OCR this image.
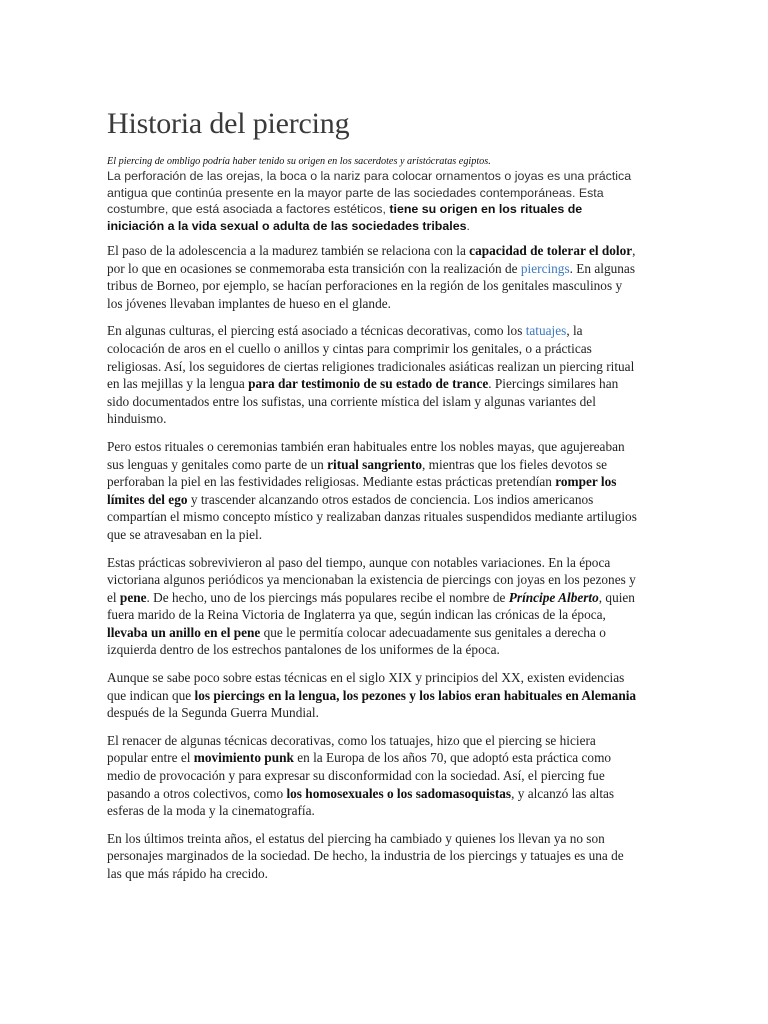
Historia del piercing

El piercing de ombligo podría haber tenido su origen en los sacerdotes y aristócratas egiptos.

La perforación de las orejas, la boca o la nariz para colocar ornamentos o joyas es una práctica antigua que continúa presente en la mayor parte de las sociedades contemporáneas. Esta costumbre, que está asociada a factores estéticos, tiene su origen en los rituales de iniciación a la vida sexual o adulta de las sociedades tribales.

El paso de la adolescencia a la madurez también se relaciona con la capacidad de tolerar el dolor, por lo que en ocasiones se conmemoraba esta transición con la realización de piercings. En algunas tribus de Borneo, por ejemplo, se hacían perforaciones en la región de los genitales masculinos y los jóvenes llevaban implantes de hueso en el glande.

En algunas culturas, el piercing está asociado a técnicas decorativas, como los tatuajes, la colocación de aros en el cuello o anillos y cintas para comprimir los genitales, o a prácticas religiosas. Así, los seguidores de ciertas religiones tradicionales asiáticas realizan un piercing ritual en las mejillas y la lengua para dar testimonio de su estado de trance. Piercings similares han sido documentados entre los sufistas, una corriente mística del islam y algunas variantes del hinduismo.

Pero estos rituales o ceremonias también eran habituales entre los nobles mayas, que agujereaban sus lenguas y genitales como parte de un ritual sangriento, mientras que los fieles devotos se perforaban la piel en las festividades religiosas. Mediante estas prácticas pretendían romper los límites del ego y trascender alcanzando otros estados de conciencia. Los indios americanos compartían el mismo concepto místico y realizaban danzas rituales suspendidos mediante artilugios que se atravesaban en la piel.

Estas prácticas sobrevivieron al paso del tiempo, aunque con notables variaciones. En la época victoriana algunos periódicos ya mencionaban la existencia de piercings con joyas en los pezones y el pene. De hecho, uno de los piercings más populares recibe el nombre de Príncipe Alberto, quien fuera marido de la Reina Victoria de Inglaterra ya que, según indican las crónicas de la época, llevaba un anillo en el pene que le permitía colocar adecuadamente sus genitales a derecha o izquierda dentro de los estrechos pantalones de los uniformes de la época.

Aunque se sabe poco sobre estas técnicas en el siglo XIX y principios del XX, existen evidencias que indican que los piercings en la lengua, los pezones y los labios eran habituales en Alemania después de la Segunda Guerra Mundial.

El renacer de algunas técnicas decorativas, como los tatuajes, hizo que el piercing se hiciera popular entre el movimiento punk en la Europa de los años 70, que adoptó esta práctica como medio de provocación y para expresar su disconformidad con la sociedad. Así, el piercing fue pasando a otros colectivos, como los homosexuales o los sadomasoquistas, y alcanzó las altas esferas de la moda y la cinematografía.

En los últimos treinta años, el estatus del piercing ha cambiado y quienes los llevan ya no son personajes marginados de la sociedad. De hecho, la industria de los piercings y tatuajes es una de las que más rápido ha crecido.
